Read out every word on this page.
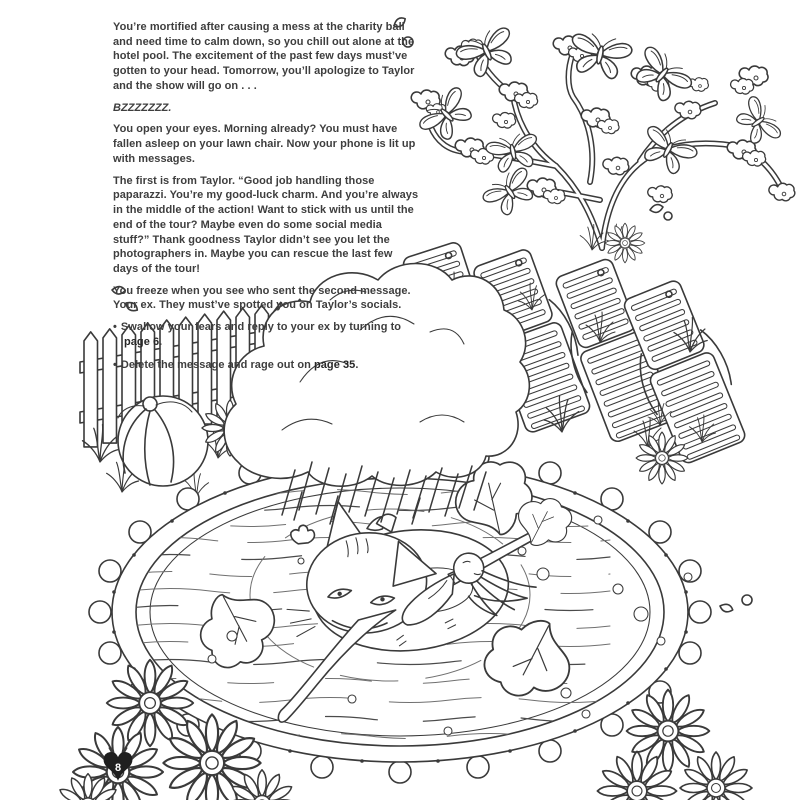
8

You’re mortified after causing a mess at the charity ball and need time to calm down, so you chill out alone at the hotel pool. The excitement of the past few days must’ve gotten to your head. Tomorrow, you’ll apologize to Taylor and the show will go on . . .

BZZZZZZZ.

You open your eyes. Morning already? You must have fallen asleep on your lawn chair. Now your phone is lit up with messages.

The first is from Taylor. “Good job handling those paparazzi. You’re my good-luck charm. And you’re always in the middle of the action! Want to stick with us until the end of the tour? Maybe even do some social media stuff?” Thank goodness Taylor didn’t see you let the photographers in. Maybe you can rescue the last few days of the tour!

You freeze when you see who sent the second message. Your ex. They must’ve spotted you on Taylor’s socials.

• Swallow your fears and reply to your ex by turning to page 6.
• Delete the message and rage out on page 35.
